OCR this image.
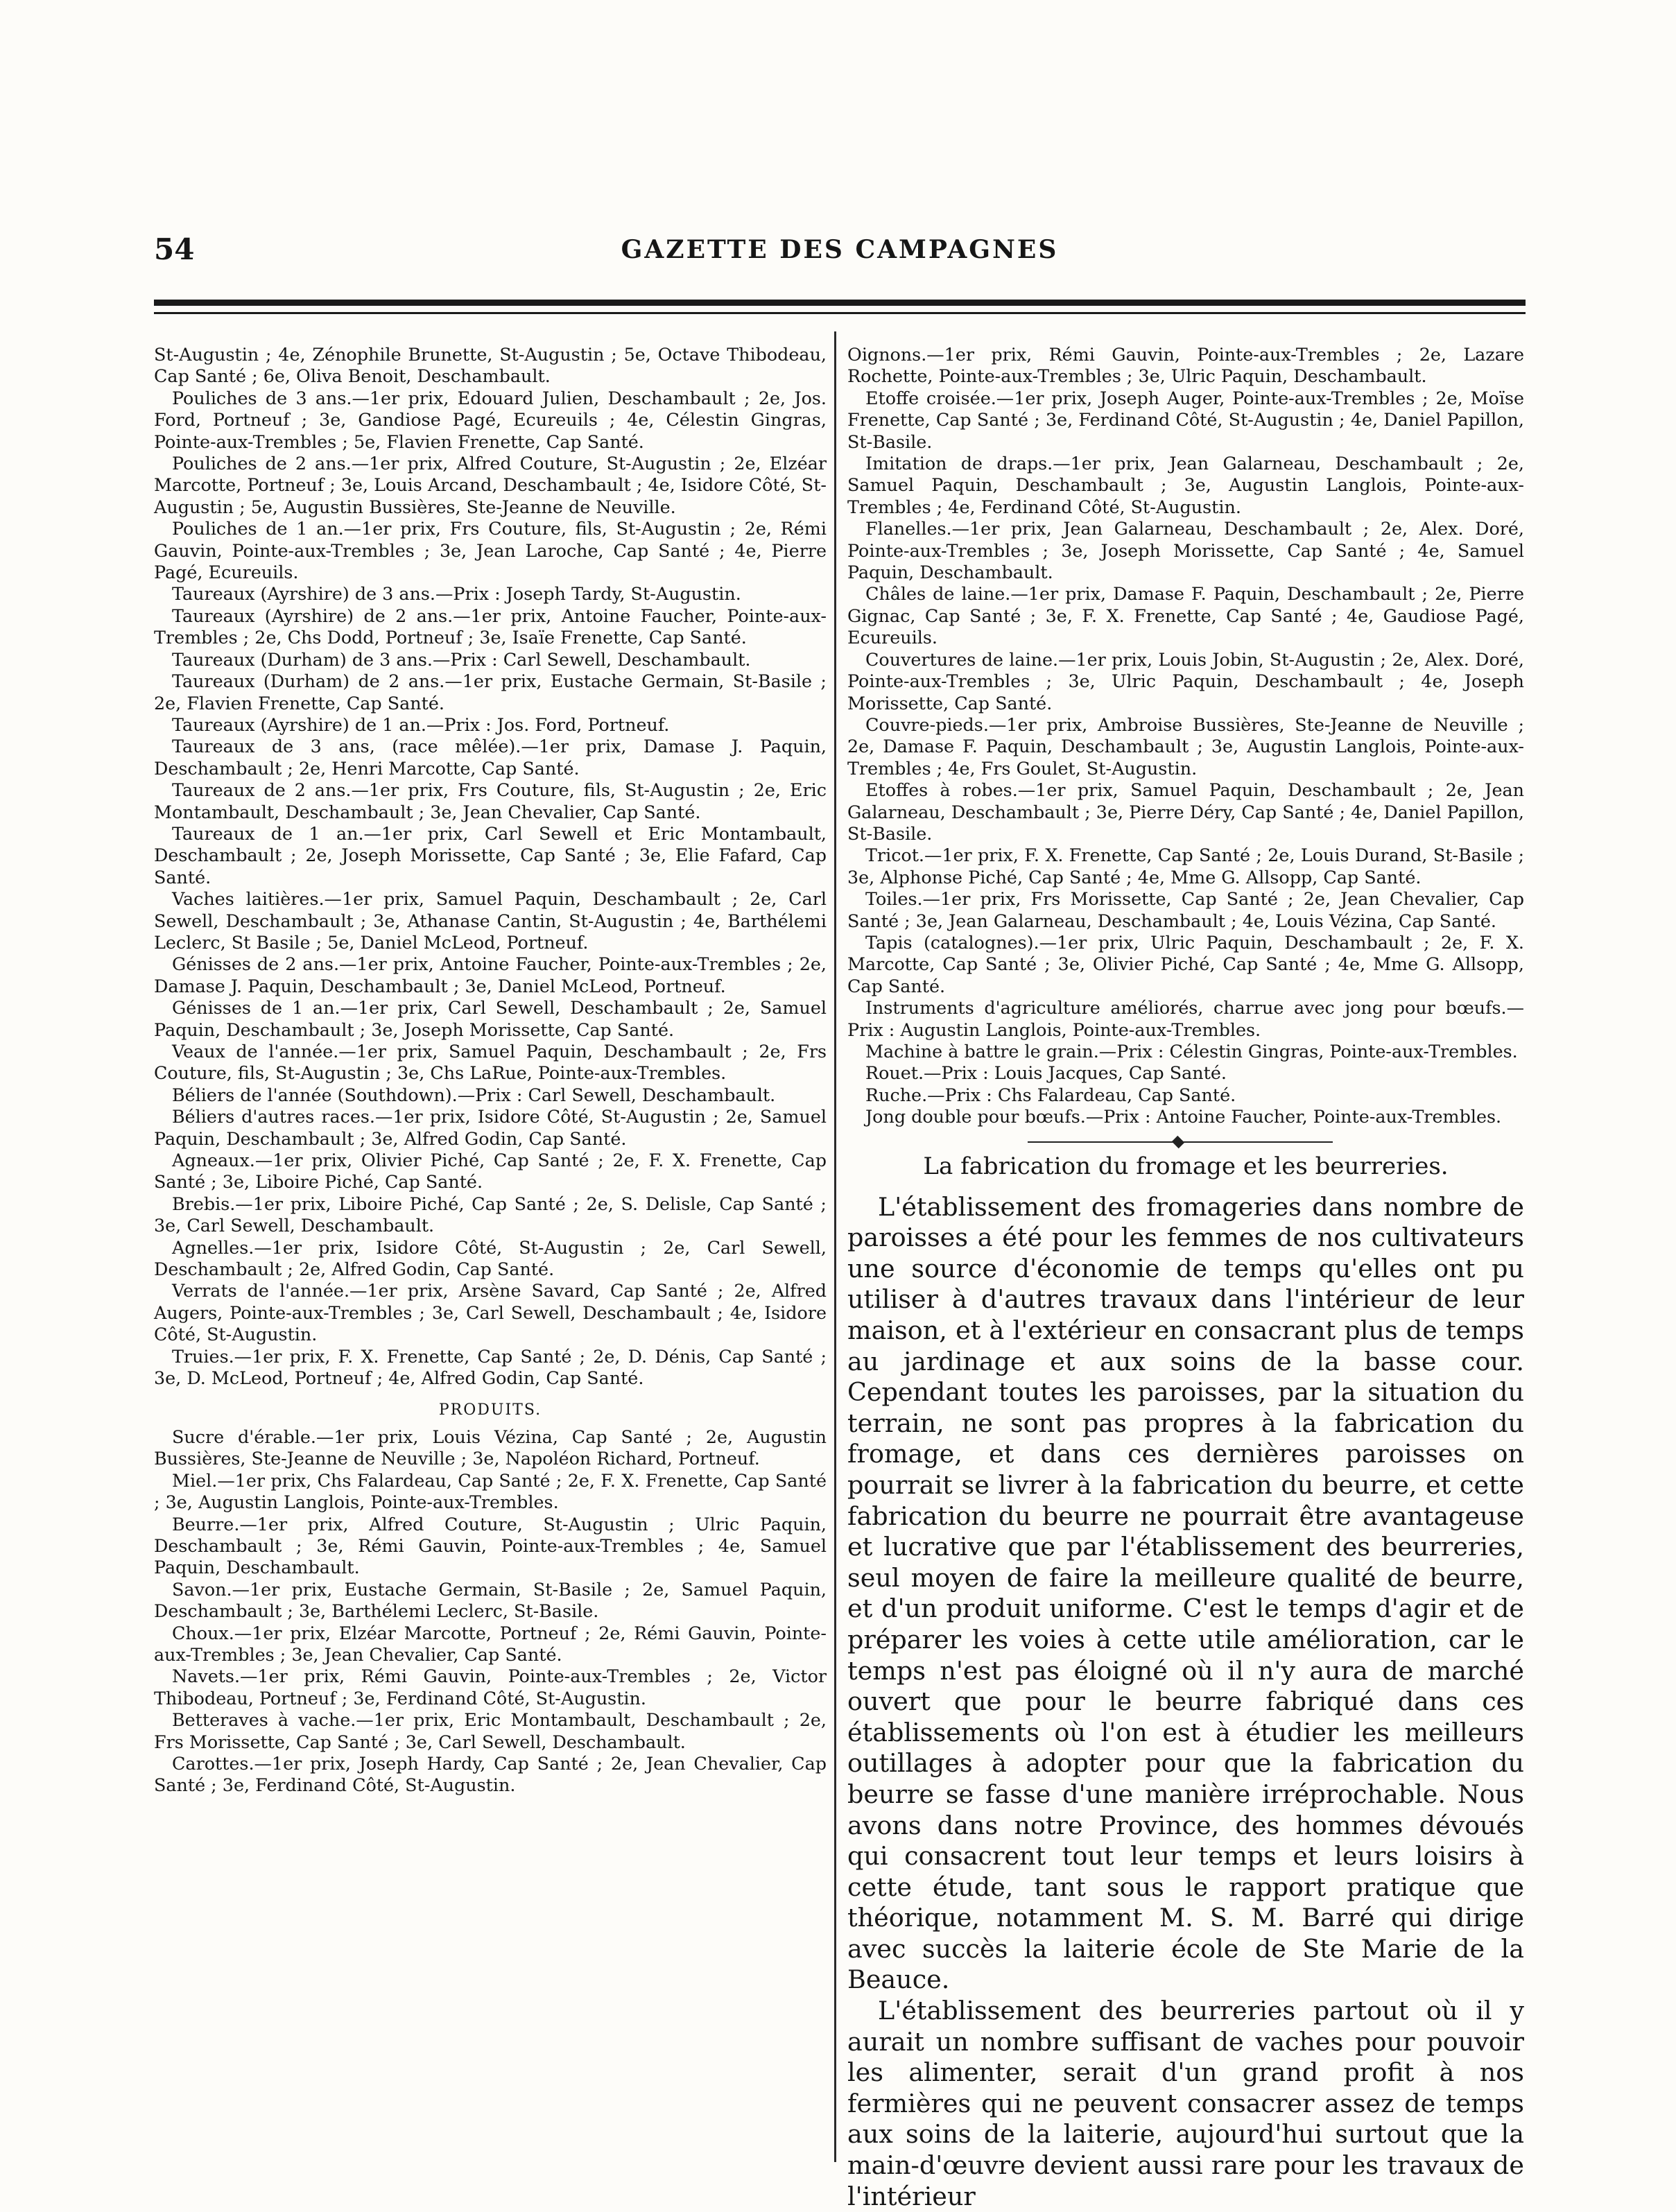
54	GAZETTE DES CAMPAGNES

St-Augustin ; 4e, Zénophile Brunette, St-Augustin ; 5e, Octave Thibodeau, Cap Santé ; 6e, Oliva Benoit, Deschambault.

Pouliches de 3 ans.—1er prix, Edouard Julien, Deschambault ; 2e, Jos. Ford, Portneuf ; 3e, Gandiose Pagé, Ecureuils ; 4e, Célestin Gingras, Pointe-aux-Trembles ; 5e, Flavien Frenette, Cap Santé.

Pouliches de 2 ans.—1er prix, Alfred Couture, St-Augustin ; 2e, Elzéar Marcotte, Portneuf ; 3e, Louis Arcand, Deschambault ; 4e, Isidore Côté, St-Augustin ; 5e, Augustin Bussières, Ste-Jeanne de Neuville.

Pouliches de 1 an.—1er prix, Frs Couture, fils, St-Augustin ; 2e, Rémi Gauvin, Pointe-aux-Trembles ; 3e, Jean Laroche, Cap Santé ; 4e, Pierre Pagé, Ecureuils.

Taureaux (Ayrshire) de 3 ans.—Prix : Joseph Tardy, St-Augustin.

Taureaux (Ayrshire) de 2 ans.—1er prix, Antoine Faucher, Pointe-aux-Trembles ; 2e, Chs Dodd, Portneuf ; 3e, Isaïe Frenette, Cap Santé.

Taureaux (Durham) de 3 ans.—Prix : Carl Sewell, Deschambault.

Taureaux (Durham) de 2 ans.—1er prix, Eustache Germain, St-Basile ; 2e, Flavien Frenette, Cap Santé.

Taureaux (Ayrshire) de 1 an.—Prix : Jos. Ford, Portneuf.

Taureaux de 3 ans, (race mêlée).—1er prix, Damase J. Paquin, Deschambault ; 2e, Henri Marcotte, Cap Santé.

Taureaux de 2 ans.—1er prix, Frs Couture, fils, St-Augustin ; 2e, Eric Montambault, Deschambault ; 3e, Jean Chevalier, Cap Santé.

Taureaux de 1 an.—1er prix, Carl Sewell et Eric Montambault, Deschambault ; 2e, Joseph Morissette, Cap Santé ; 3e, Elie Fafard, Cap Santé.

Vaches laitières.—1er prix, Samuel Paquin, Deschambault ; 2e, Carl Sewell, Deschambault ; 3e, Athanase Cantin, St-Augustin ; 4e, Barthélemi Leclerc, St Basile ; 5e, Daniel McLeod, Portneuf.

Génisses de 2 ans.—1er prix, Antoine Faucher, Pointe-aux-Trembles ; 2e, Damase J. Paquin, Deschambault ; 3e, Daniel McLeod, Portneuf.

Génisses de 1 an.—1er prix, Carl Sewell, Deschambault ; 2e, Samuel Paquin, Deschambault ; 3e, Joseph Morissette, Cap Santé.

Veaux de l'année.—1er prix, Samuel Paquin, Deschambault ; 2e, Frs Couture, fils, St-Augustin ; 3e, Chs LaRue, Pointe-aux-Trembles.

Béliers de l'année (Southdown).—Prix : Carl Sewell, Deschambault.

Béliers d'autres races.—1er prix, Isidore Côté, St-Augustin ; 2e, Samuel Paquin, Deschambault ; 3e, Alfred Godin, Cap Santé.

Agneaux.—1er prix, Olivier Piché, Cap Santé ; 2e, F. X. Frenette, Cap Santé ; 3e, Liboire Piché, Cap Santé.

Brebis.—1er prix, Liboire Piché, Cap Santé ; 2e, S. Delisle, Cap Santé ; 3e, Carl Sewell, Deschambault.

Agnelles.—1er prix, Isidore Côté, St-Augustin ; 2e, Carl Sewell, Deschambault ; 2e, Alfred Godin, Cap Santé.

Verrats de l'année.—1er prix, Arsène Savard, Cap Santé ; 2e, Alfred Augers, Pointe-aux-Trembles ; 3e, Carl Sewell, Deschambault ; 4e, Isidore Côté, St-Augustin.

Truies.—1er prix, F. X. Frenette, Cap Santé ; 2e, D. Dénis, Cap Santé ; 3e, D. McLeod, Portneuf ; 4e, Alfred Godin, Cap Santé.

PRODUITS.

Sucre d'érable.—1er prix, Louis Vézina, Cap Santé ; 2e, Augustin Bussières, Ste-Jeanne de Neuville ; 3e, Napoléon Richard, Portneuf.

Miel.—1er prix, Chs Falardeau, Cap Santé ; 2e, F. X. Frenette, Cap Santé ; 3e, Augustin Langlois, Pointe-aux-Trembles.

Beurre.—1er prix, Alfred Couture, St-Augustin ; Ulric Paquin, Deschambault ; 3e, Rémi Gauvin, Pointe-aux-Trembles ; 4e, Samuel Paquin, Deschambault.

Savon.—1er prix, Eustache Germain, St-Basile ; 2e, Samuel Paquin, Deschambault ; 3e, Barthélemi Leclerc, St-Basile.

Choux.—1er prix, Elzéar Marcotte, Portneuf ; 2e, Rémi Gauvin, Pointe-aux-Trembles ; 3e, Jean Chevalier, Cap Santé.

Navets.—1er prix, Rémi Gauvin, Pointe-aux-Trembles ; 2e, Victor Thibodeau, Portneuf ; 3e, Ferdinand Côté, St-Augustin.

Betteraves à vache.—1er prix, Eric Montambault, Deschambault ; 2e, Frs Morissette, Cap Santé ; 3e, Carl Sewell, Deschambault.

Carottes.—1er prix, Joseph Hardy, Cap Santé ; 2e, Jean Chevalier, Cap Santé ; 3e, Ferdinand Côté, St-Augustin.

Oignons.—1er prix, Rémi Gauvin, Pointe-aux-Trembles ; 2e, Lazare Rochette, Pointe-aux-Trembles ; 3e, Ulric Paquin, Deschambault.

Etoffe croisée.—1er prix, Joseph Auger, Pointe-aux-Trembles ; 2e, Moïse Frenette, Cap Santé ; 3e, Ferdinand Côté, St-Augustin ; 4e, Daniel Papillon, St-Basile.

Imitation de draps.—1er prix, Jean Galarneau, Deschambault ; 2e, Samuel Paquin, Deschambault ; 3e, Augustin Langlois, Pointe-aux-Trembles ; 4e, Ferdinand Côté, St-Augustin.

Flanelles.—1er prix, Jean Galarneau, Deschambault ; 2e, Alex. Doré, Pointe-aux-Trembles ; 3e, Joseph Morissette, Cap Santé ; 4e, Samuel Paquin, Deschambault.

Châles de laine.—1er prix, Damase F. Paquin, Deschambault ; 2e, Pierre Gignac, Cap Santé ; 3e, F. X. Frenette, Cap Santé ; 4e, Gaudiose Pagé, Ecureuils.

Couvertures de laine.—1er prix, Louis Jobin, St-Augustin ; 2e, Alex. Doré, Pointe-aux-Trembles ; 3e, Ulric Paquin, Deschambault ; 4e, Joseph Morissette, Cap Santé.

Couvre-pieds.—1er prix, Ambroise Bussières, Ste-Jeanne de Neuville ; 2e, Damase F. Paquin, Deschambault ; 3e, Augustin Langlois, Pointe-aux-Trembles ; 4e, Frs Goulet, St-Augustin.

Etoffes à robes.—1er prix, Samuel Paquin, Deschambault ; 2e, Jean Galarneau, Deschambault ; 3e, Pierre Déry, Cap Santé ; 4e, Daniel Papillon, St-Basile.

Tricot.—1er prix, F. X. Frenette, Cap Santé ; 2e, Louis Durand, St-Basile ; 3e, Alphonse Piché, Cap Santé ; 4e, Mme G. Allsopp, Cap Santé.

Toiles.—1er prix, Frs Morissette, Cap Santé ; 2e, Jean Chevalier, Cap Santé ; 3e, Jean Galarneau, Deschambault ; 4e, Louis Vézina, Cap Santé.

Tapis (catalognes).—1er prix, Ulric Paquin, Deschambault ; 2e, F. X. Marcotte, Cap Santé ; 3e, Olivier Piché, Cap Santé ; 4e, Mme G. Allsopp, Cap Santé.

Instruments d'agriculture améliorés, charrue avec jong pour bœufs.—Prix : Augustin Langlois, Pointe-aux-Trembles.

Machine à battre le grain.—Prix : Célestin Gingras, Pointe-aux-Trembles.

Rouet.—Prix : Louis Jacques, Cap Santé.

Ruche.—Prix : Chs Falardeau, Cap Santé.

Jong double pour bœufs.—Prix : Antoine Faucher, Pointe-aux-Trembles.

La fabrication du fromage et les beurreries.

L'établissement des fromageries dans nombre de paroisses a été pour les femmes de nos cultivateurs une source d'économie de temps qu'elles ont pu utiliser à d'autres travaux dans l'intérieur de leur maison, et à l'extérieur en consacrant plus de temps au jardinage et aux soins de la basse cour. Cependant toutes les paroisses, par la situation du terrain, ne sont pas propres à la fabrication du fromage, et dans ces dernières paroisses on pourrait se livrer à la fabrication du beurre, et cette fabrication du beurre ne pourrait être avantageuse et lucrative que par l'établissement des beurreries, seul moyen de faire la meilleure qualité de beurre, et d'un produit uniforme. C'est le temps d'agir et de préparer les voies à cette utile amélioration, car le temps n'est pas éloigné où il n'y aura de marché ouvert que pour le beurre fabriqué dans ces établissements où l'on est à étudier les meilleurs outillages à adopter pour que la fabrication du beurre se fasse d'une manière irréprochable. Nous avons dans notre Province, des hommes dévoués qui consacrent tout leur temps et leurs loisirs à cette étude, tant sous le rapport pratique que théorique, notamment M. S. M. Barré qui dirige avec succès la laiterie école de Ste Marie de la Beauce.

L'établissement des beurreries partout où il y aurait un nombre suffisant de vaches pour pouvoir les alimenter, serait d'un grand profit à nos fermières qui ne peuvent consacrer assez de temps aux soins de la laiterie, aujourd'hui surtout que la main-d'œuvre devient aussi rare pour les travaux de l'intérieur
